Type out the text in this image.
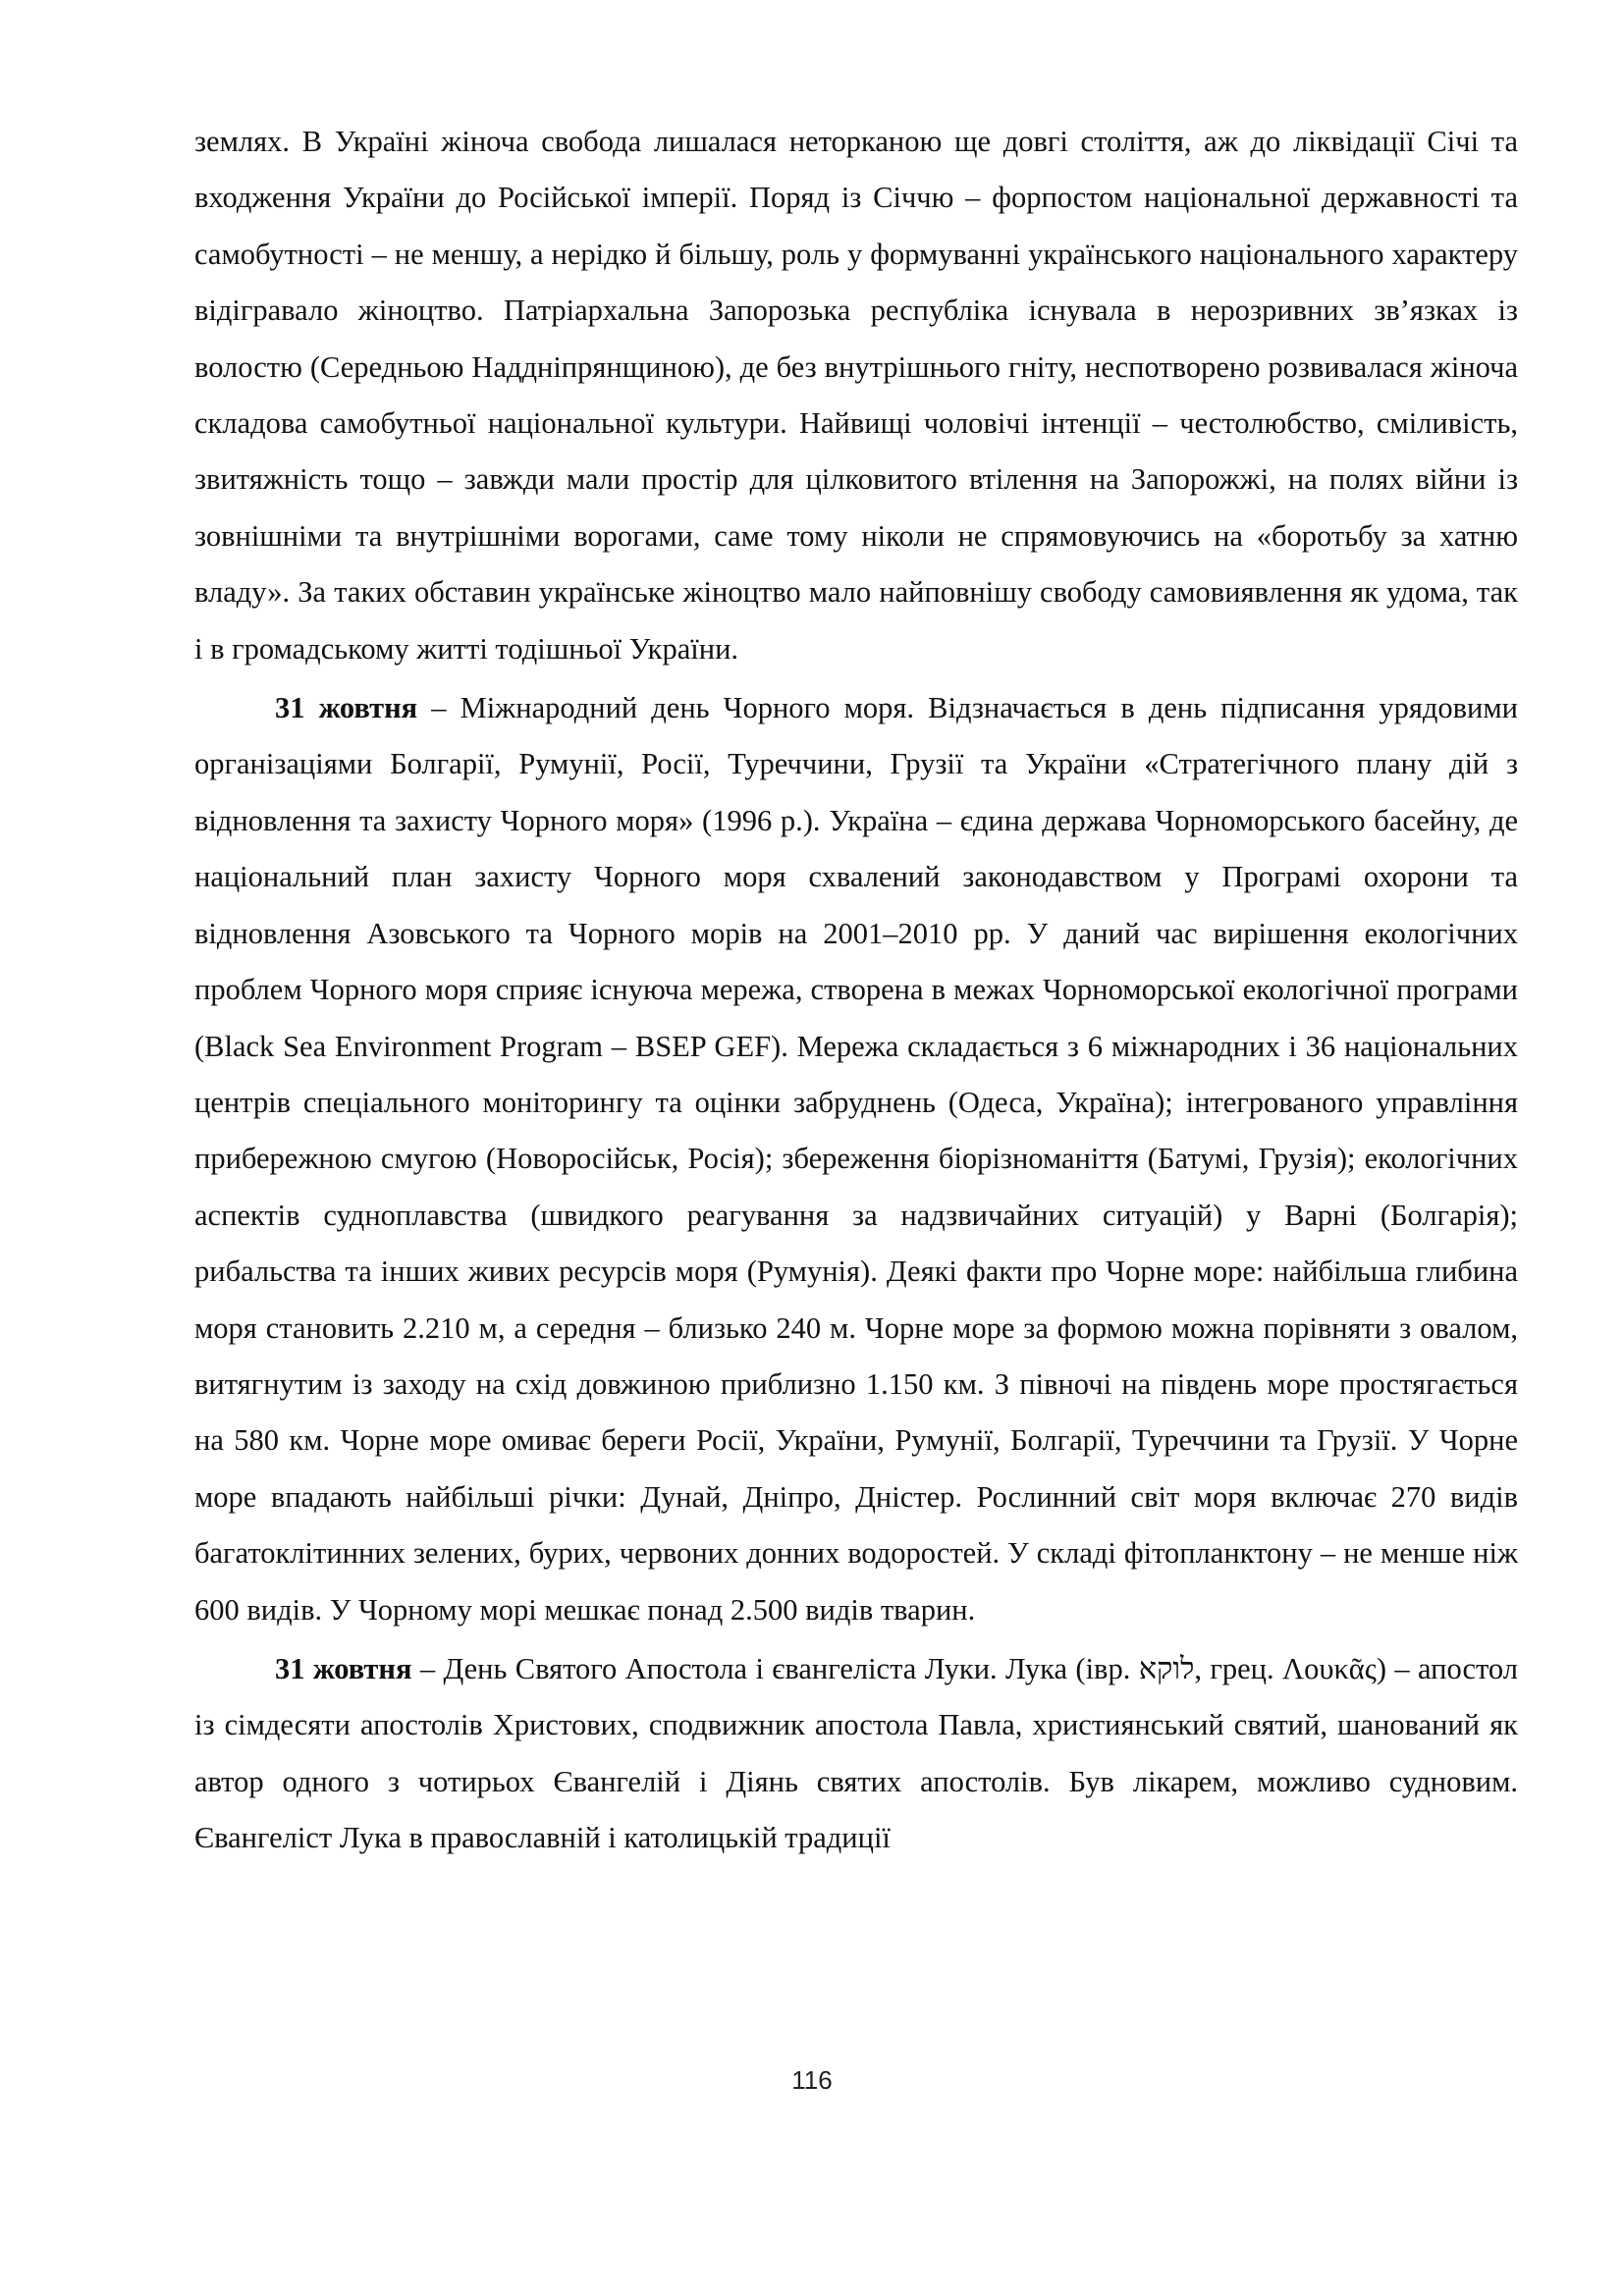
землях. В Україні жіноча свобода лишалася неторканою ще довгі століття, аж до ліквідації Січі та входження України до Російської імперії. Поряд із Січчю – форпостом національної державності та самобутності – не меншу, а нерідко й більшу, роль у формуванні українського національного характеру відігравало жіноцтво. Патріархальна Запорозька республіка існувала в нерозривних зв’язках із волостю (Середньою Наддніпрянщиною), де без внутрішнього гніту, неспотворено розвивалася жіноча складова самобутньої національної культури. Найвищі чоловічі інтенції – честолюбство, сміливість, звитяжність тощо – завжди мали простір для цілковитого втілення на Запорожжі, на полях війни із зовнішніми та внутрішніми ворогами, саме тому ніколи не спрямовуючись на «боротьбу за хатню владу». За таких обставин українське жіноцтво мало найповнішу свободу самовиявлення як удома, так і в громадському житті тодішньої України.

31 жовтня – Міжнародний день Чорного моря. Відзначається в день підписання урядовими організаціями Болгарії, Румунії, Росії, Туреччини, Грузії та України «Стратегічного плану дій з відновлення та захисту Чорного моря» (1996 р.). Україна – єдина держава Чорноморського басейну, де національний план захисту Чорного моря схвалений законодавством у Програмі охорони та відновлення Азовського та Чорного морів на 2001–2010 рр. У даний час вирішення екологічних проблем Чорного моря сприяє існуюча мережа, створена в межах Чорноморської екологічної програми (Black Sea Environment Program – BSEP GEF). Мережа складається з 6 міжнародних і 36 національних центрів спеціального моніторингу та оцінки забруднень (Одеса, Україна); інтегрованого управління прибережною смугою (Новоросійськ, Росія); збереження біорізноманіття (Батумі, Грузія); екологічних аспектів судноплавства (швидкого реагування за надзвичайних ситуацій) у Варні (Болгарія); рибальства та інших живих ресурсів моря (Румунія). Деякі факти про Чорне море: найбільша глибина моря становить 2.210 м, а середня – близько 240 м. Чорне море за формою можна порівняти з овалом, витягнутим із заходу на схід довжиною приблизно 1.150 км. З півночі на південь море простягається на 580 км. Чорне море омиває береги Росії, України, Румунії, Болгарії, Туреччини та Грузії. У Чорне море впадають найбільші річки: Дунай, Дніпро, Дністер. Рослинний світ моря включає 270 видів багатоклітинних зелених, бурих, червоних донних водоростей. У складі фітопланктону – не менше ніж 600 видів. У Чорному морі мешкає понад 2.500 видів тварин.

31 жовтня – День Святого Апостола і євангеліста Луки. Лука (івр. לוקא, грец. Λουκᾶς) – апостол із сімдесяти апостолів Христових, сподвижник апостола Павла, християнський святий, шанований як автор одного з чотирьох Євангелій і Діянь святих апостолів. Був лікарем, можливо судновим. Євангеліст Лука в православній і католицькій традиції

116
